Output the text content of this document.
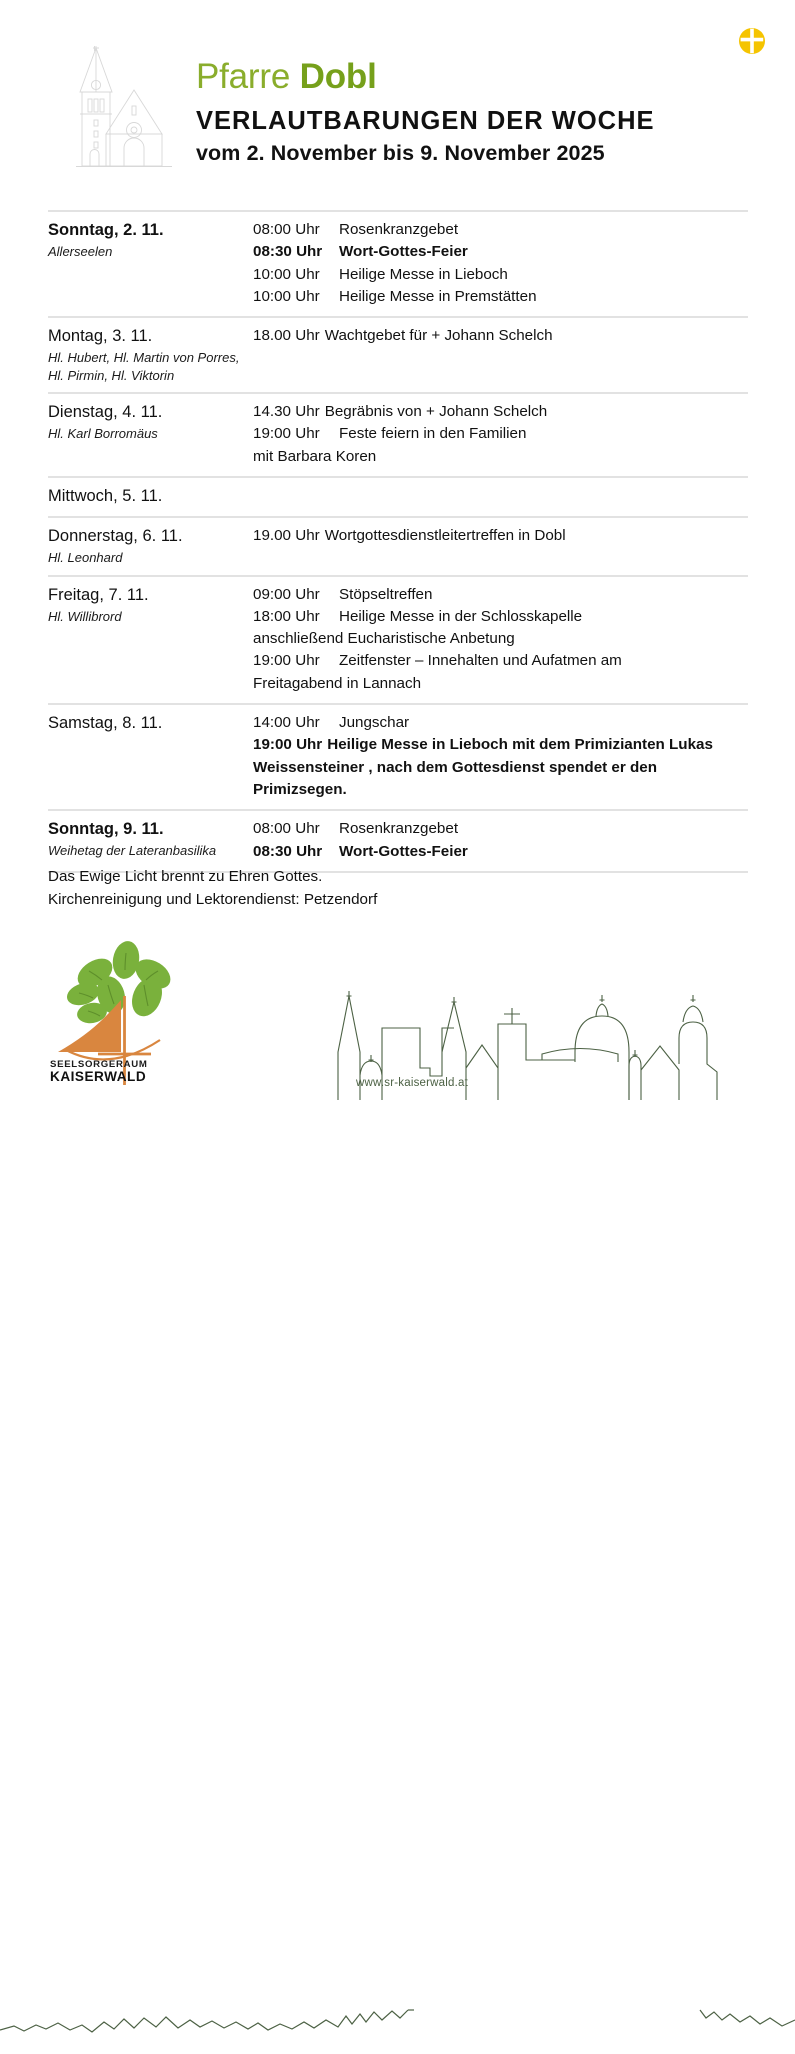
Pfarre Dobl
VERLAUTBARUNGEN DER WOCHE
vom 2. November bis 9. November 2025
Sonntag, 2. 11.
Allerseelen
08:00 Uhr Rosenkranzgebet
08:30 Uhr Wort-Gottes-Feier
10:00 Uhr Heilige Messe in Lieboch
10:00 Uhr Heilige Messe in Premstätten
Montag, 3. 11.
Hl. Hubert, Hl. Martin von Porres, Hl. Pirmin, Hl. Viktorin
18.00 Uhr Wachtgebet für + Johann Schelch
Dienstag, 4. 11.
Hl. Karl Borromäus
14.30 Uhr Begräbnis von + Johann Schelch
19:00 Uhr Feste feiern in den Familien
mit Barbara Koren
Mittwoch, 5. 11.
Donnerstag, 6. 11.
Hl. Leonhard
19.00 Uhr Wortgottesdienstleitertreffen in Dobl
Freitag, 7. 11.
Hl. Willibrord
09:00 Uhr Stöpseltreffen
18:00 Uhr Heilige Messe in der Schlosskapelle
anschließend Eucharistische Anbetung
19:00 Uhr Zeitfenster – Innehalten und Aufatmen am
Freitagabend in Lannach
Samstag, 8. 11.	14:00 Uhr Jungschar
19:00 Uhr Heilige Messe in Lieboch mit dem Primizianten Lukas Weissensteiner , nach dem Gottesdienst spendet er den Primizsegen.
Sonntag, 9. 11.
Weihetag der Lateranbasilika
08:00 Uhr Rosenkranzgebet
08:30 Uhr Wort-Gottes-Feier
Das Ewige Licht brennt zu Ehren Gottes.
Kirchenreinigung und Lektorendienst: Petzendorf
SEELSORGERAUM
KAISERWALD	www.sr-kaiserwald.at
